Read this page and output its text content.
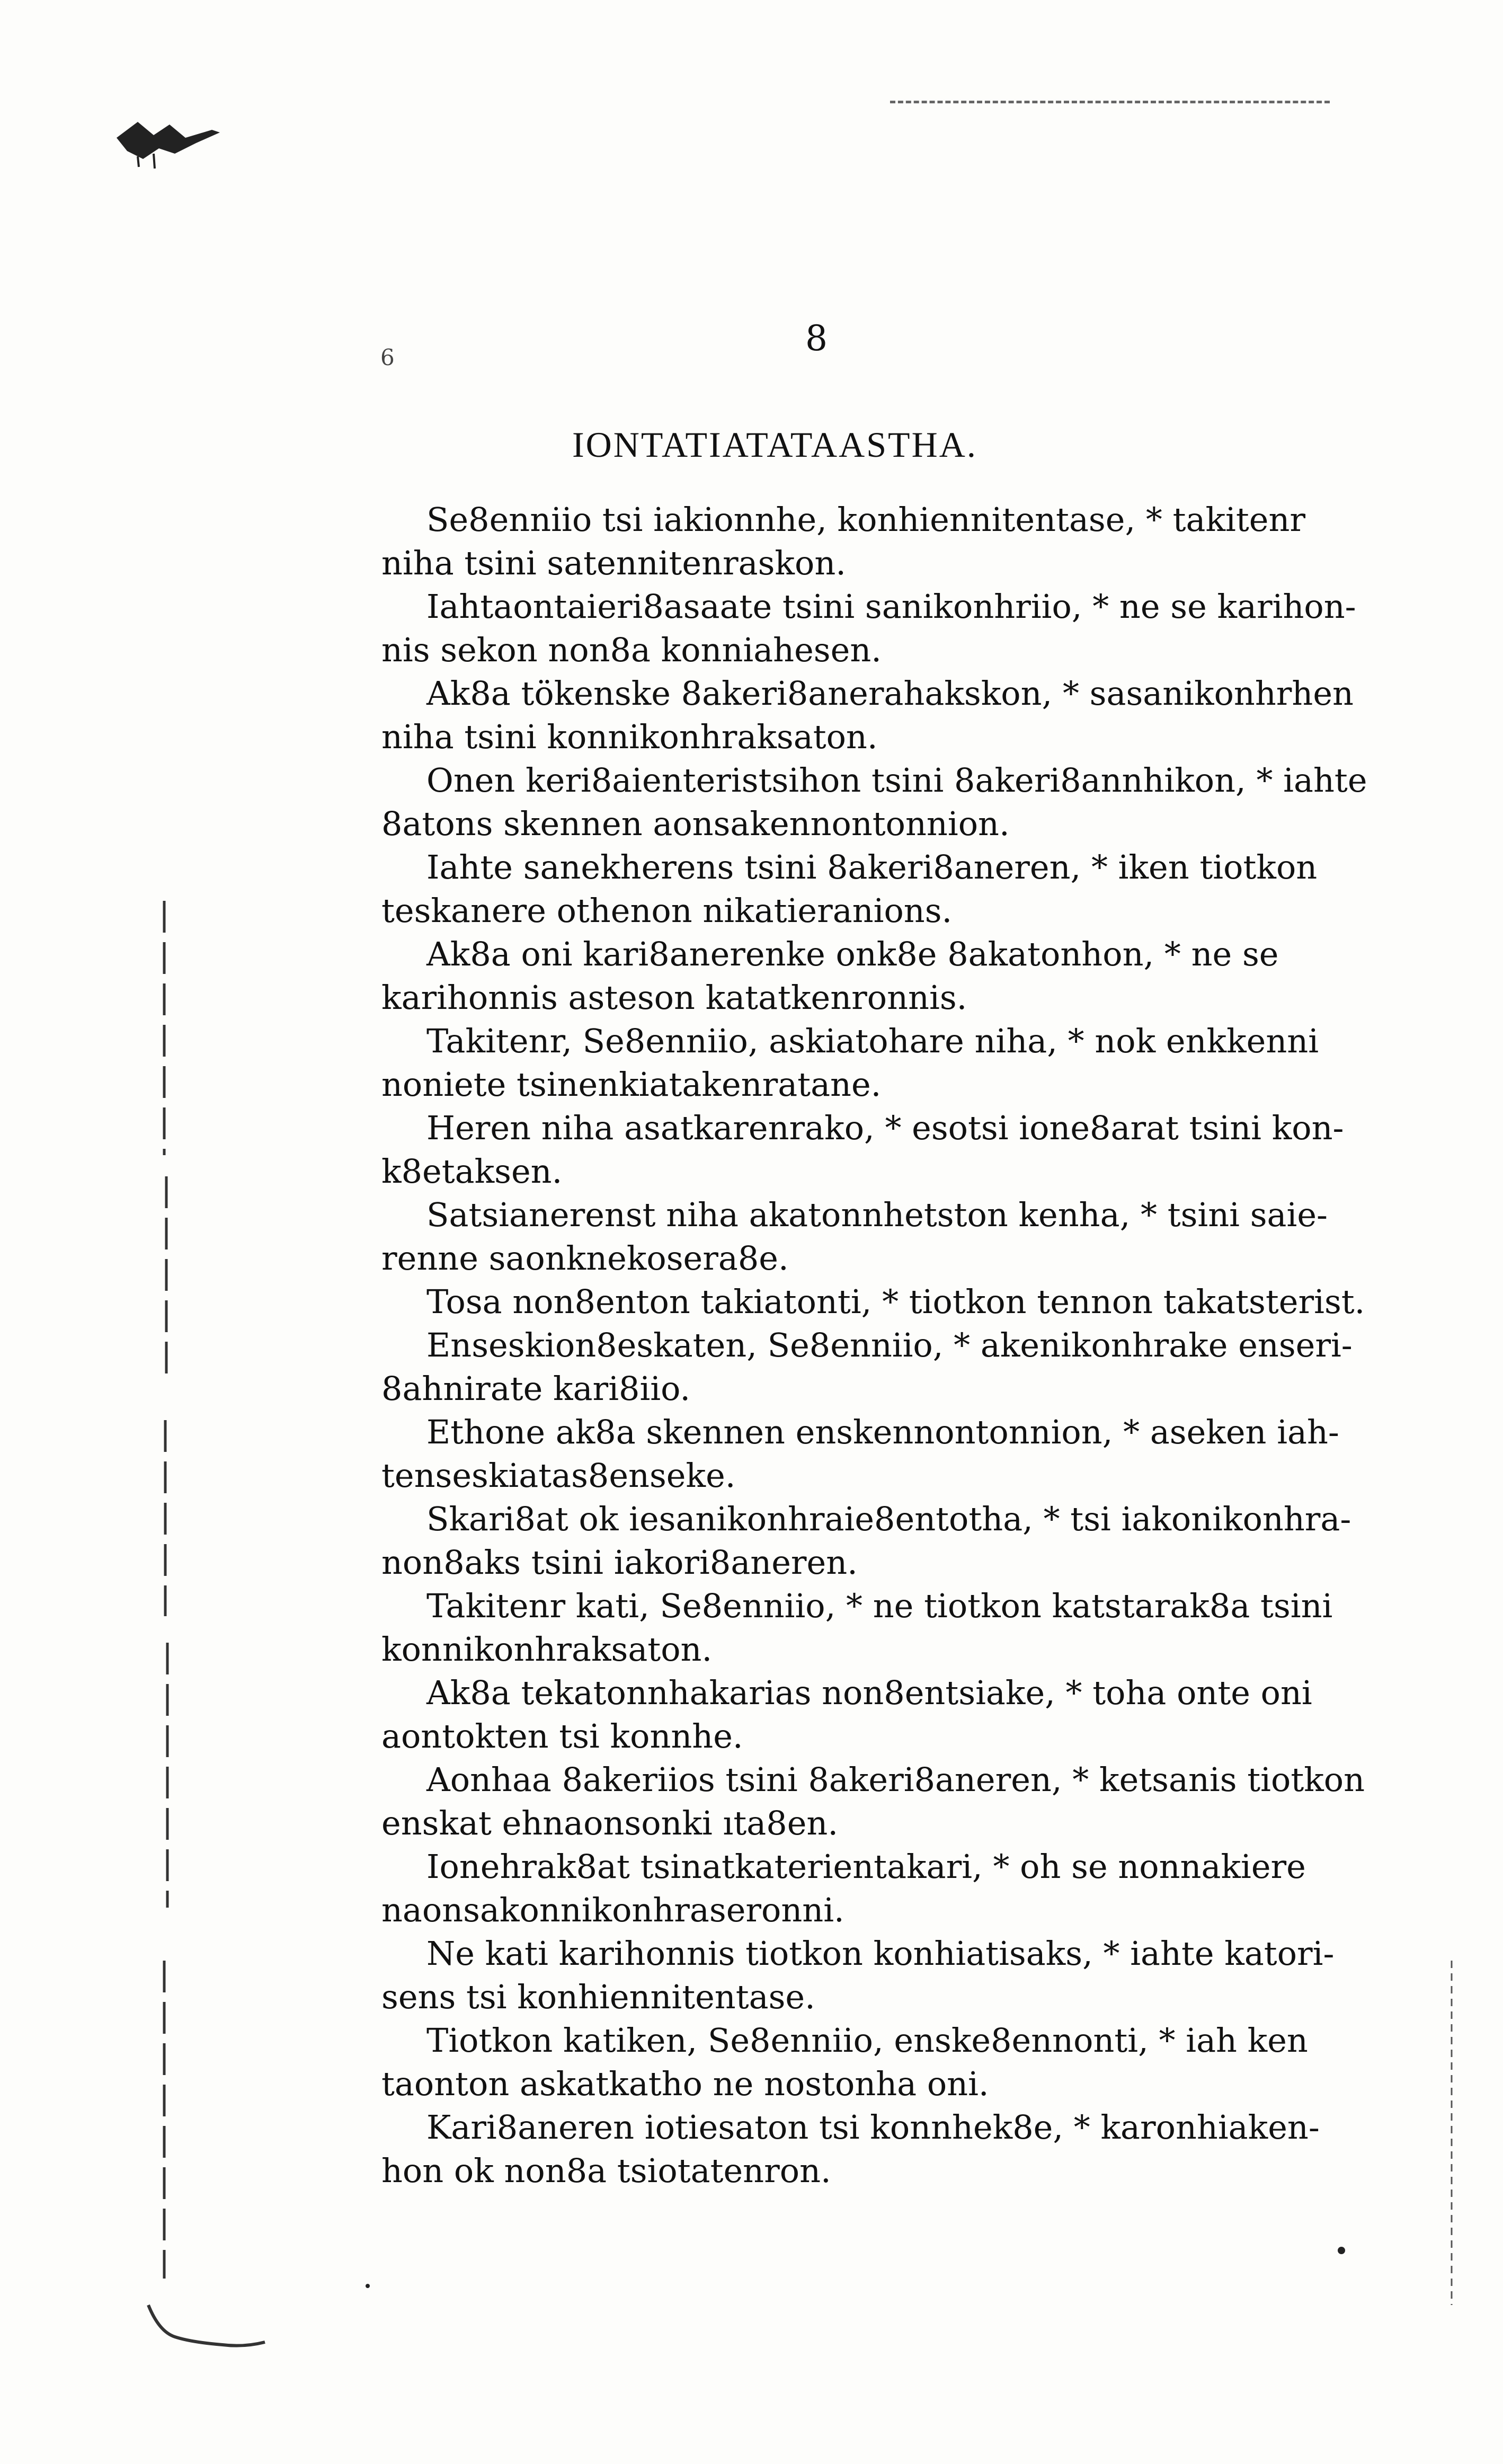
6	8
IONTATIATATAASTHA.
Se8enniio tsi iakionnhe, konhiennitentase, * takitenr
niha tsini satennitenraskon.
Iahtaontaieri8asaate tsini sanikonhriio, * ne se karihon-
nis sekon non8a konniahesen.
Ak8a tökenske 8akeri8anerahakskon, * sasanikonhrhen
niha tsini konnikonhraksaton.
Onen keri8aienteristsihon tsini 8akeri8annhikon, * iahte
8atons skennen aonsakennontonnion.
Iahte sanekherens tsini 8akeri8aneren, * iken tiotkon
teskanere othenon nikatieranions.
Ak8a oni kari8anerenke onk8e 8akatonhon, * ne se
karihonnis asteson katatkenronnis.
Takitenr, Se8enniio, askiatohare niha, * nok enkkenni
noniete tsinenkiatakenratane.
Heren niha asatkarenrako, * esotsi ione8arat tsini kon-
k8etaksen.
Satsianerenst niha akatonnhetston kenha, * tsini saie-
renne saonknekosera8e.
Tosa non8enton takiatonti, * tiotkon tennon takatsterist.
Enseskion8eskaten, Se8enniio, * akenikonhrake enseri-
8ahnirate kari8iio.
Ethone ak8a skennen enskennontonnion, * aseken iah-
tenseskiatas8enseke.
Skari8at ok iesanikonhraie8entotha, * tsi iakonikonhra-
non8aks tsini iakori8aneren.
Takitenr kati, Se8enniio, * ne tiotkon katstarak8a tsini
konnikonhraksaton.
Ak8a tekatonnhakarias non8entsiake, * toha onte oni
aontokten tsi konnhe.
Aonhaa 8akeriios tsini 8akeri8aneren, * ketsanis tiotkon
enskat ehnaonsonki ıta8en.
Ionehrak8at tsinatkaterientakari, * oh se nonnakiere
naonsakonnikonhraseronni.
Ne kati karihonnis tiotkon konhiatisaks, * iahte katori-
sens tsi konhiennitentase.
Tiotkon katiken, Se8enniio, enske8ennonti, * iah ken
taonton askatkatho ne nostonha oni.
Kari8aneren iotiesaton tsi konnhek8e, * karonhiaken-
hon ok non8a tsiotatenron.
